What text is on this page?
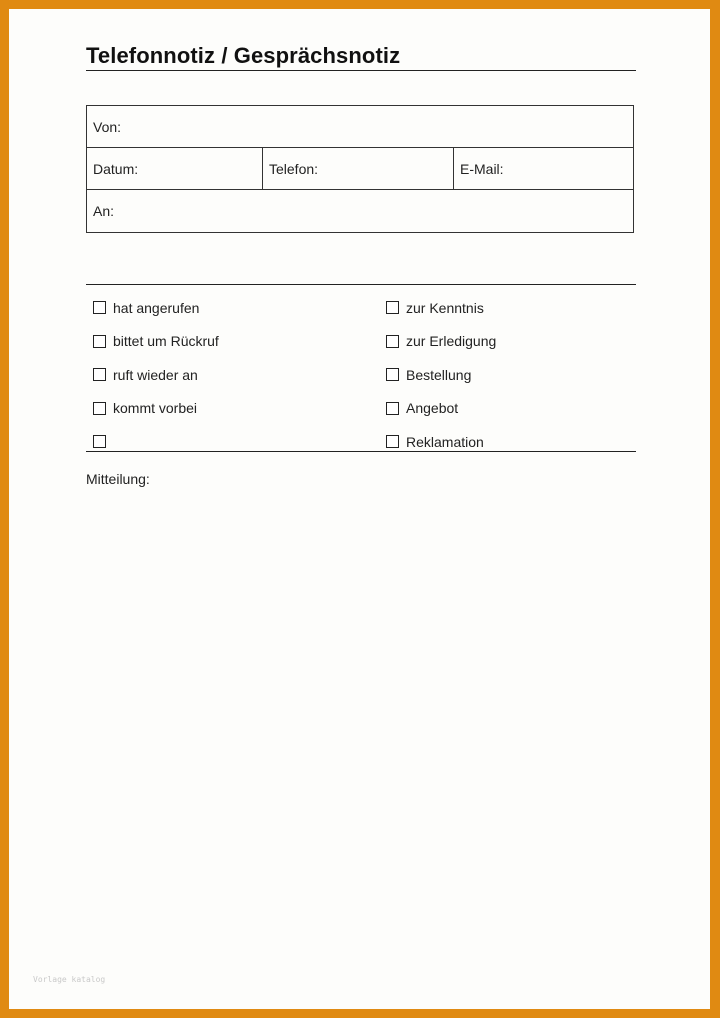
Telefonnotiz / Gesprächsnotiz
Von:
Datum:	Telefon:	E-Mail:
An:
hat angerufen
bittet um Rückruf
ruft wieder an
kommt vorbei
zur Kenntnis
zur Erledigung
Bestellung
Angebot
Reklamation
Mitteilung:
Vorlage katalog
